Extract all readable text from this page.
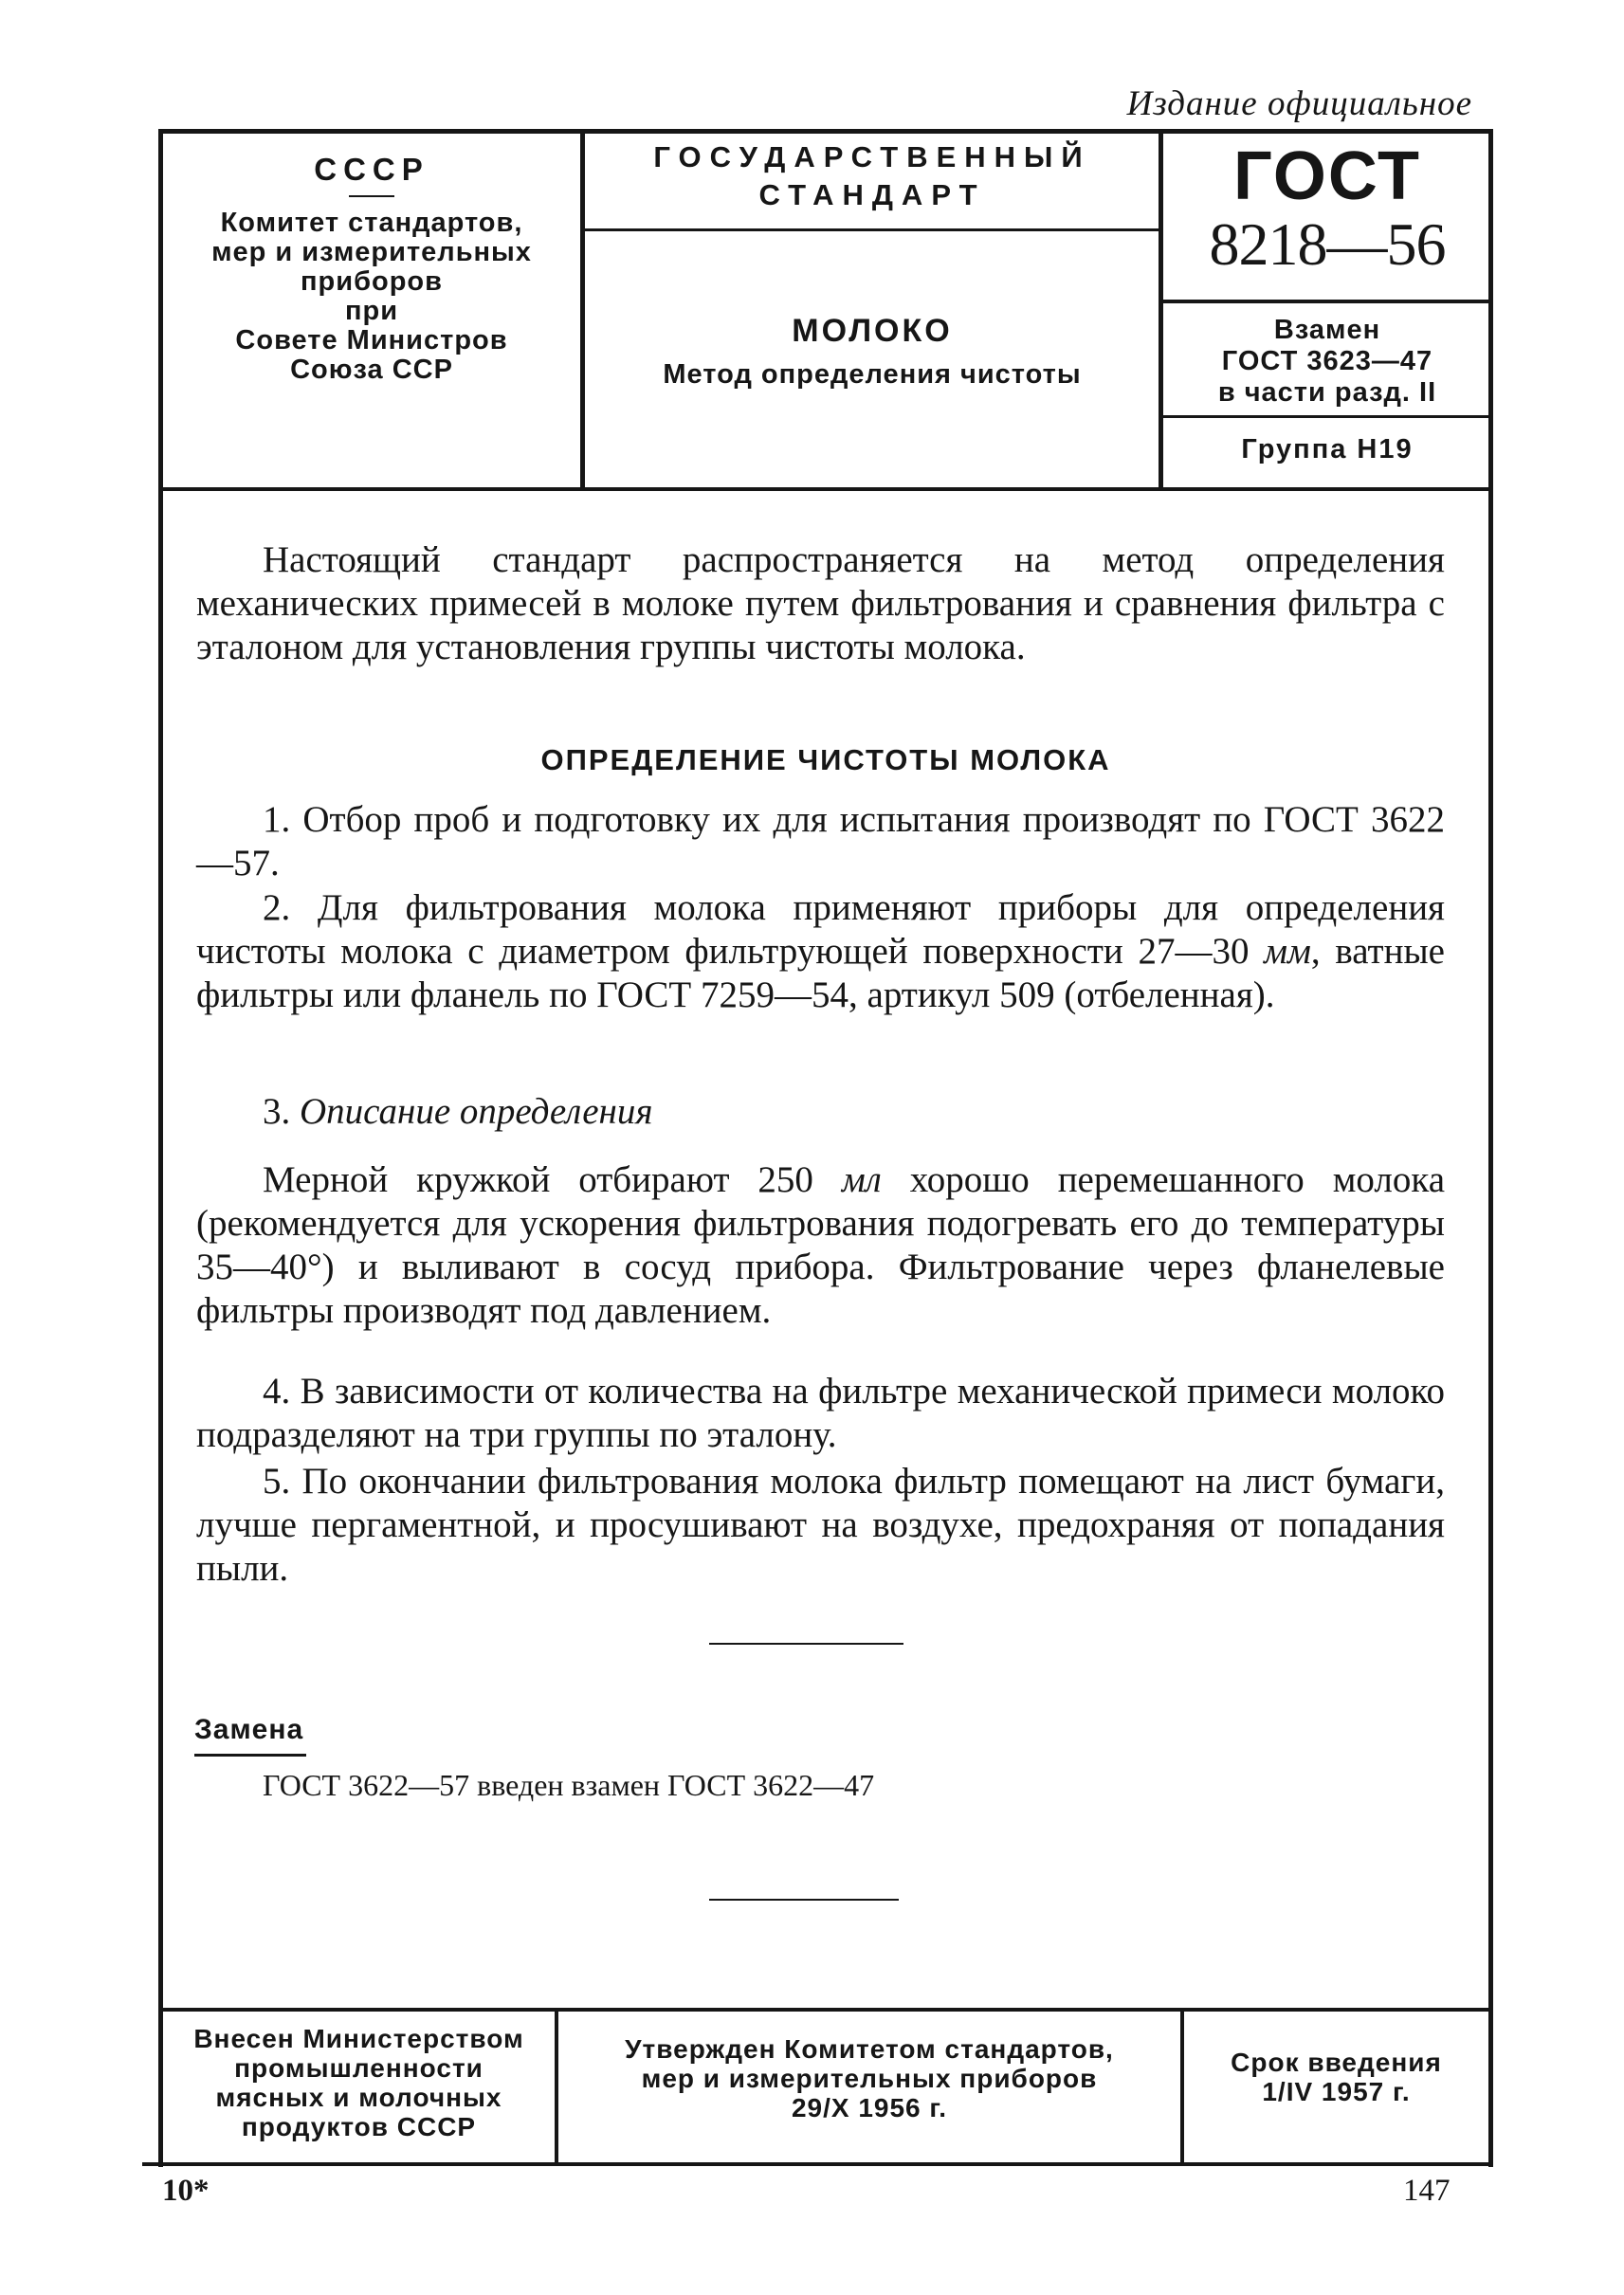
Издание официальное
СССР
Комитет стандартов,
мер и измерительных
приборов
при
Совете Министров
Союза ССР
ГОСУДАРСТВЕННЫЙ
СТАНДАРТ
МОЛОКО
Метод определения чистоты
ГОСТ
8218—56
Взамен
ГОСТ 3623—47
в части разд. II
Группа Н19
Настоящий стандарт распространяется на метод определения механических примесей в молоке путем фильтрования и сравнения фильтра с эталоном для установления группы чистоты молока.
ОПРЕДЕЛЕНИЕ ЧИСТОТЫ МОЛОКА
1. Отбор проб и подготовку их для испытания производят по ГОСТ 3622—57.
2. Для фильтрования молока применяют приборы для определения чистоты молока с диаметром фильтрующей поверхности 27—30 мм, ватные фильтры или фланель по ГОСТ 7259—54, артикул 509 (отбеленная).
3. Описание определения
Мерной кружкой отбирают 250 мл хорошо перемешанного молока (рекомендуется для ускорения фильтрования подогревать его до температуры 35—40°) и выливают в сосуд прибора. Фильтрование через фланелевые фильтры производят под давлением.
4. В зависимости от количества на фильтре механической примеси молоко подразделяют на три группы по эталону.
5. По окончании фильтрования молока фильтр помещают на лист бумаги, лучше пергаментной, и просушивают на воздухе, предохраняя от попадания пыли.
Замена
ГОСТ 3622—57 введен взамен ГОСТ 3622—47
Внесен Министерством
промышленности
мясных и молочных
продуктов СССР
Утвержден Комитетом стандартов,
мер и измерительных приборов
29/X 1956 г.
Срок введения
1/IV 1957 г.
10*	147
